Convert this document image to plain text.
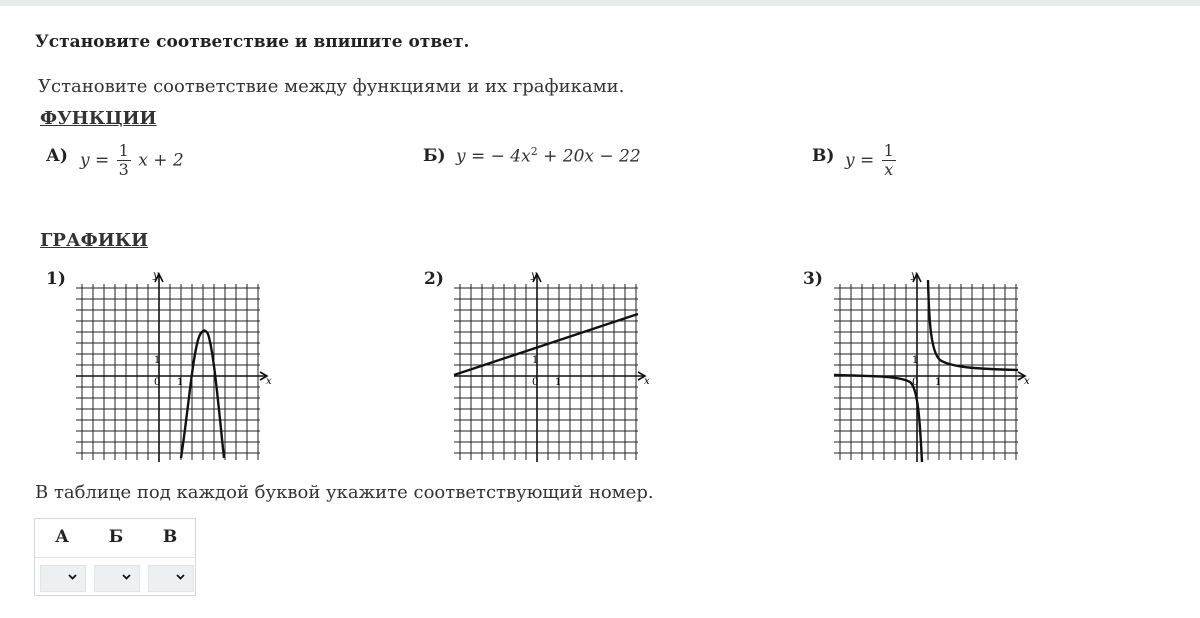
Установите соответствие и впишите ответ.
Установите соответствие между функциями и их графиками.
ФУНКЦИИ
А) $y = \frac{1}{3}$ x + 2	Б) y = − $4x^2 + 20x - 22$	В) $y = \frac{1}{x}$
ГРАФИКИ
1)	2)	3)
x
y
1
0 1	x
y
1
0 1	x
y
1
0 1
В таблице под каждой буквой укажите соответствующий номер.
А	Б	В
